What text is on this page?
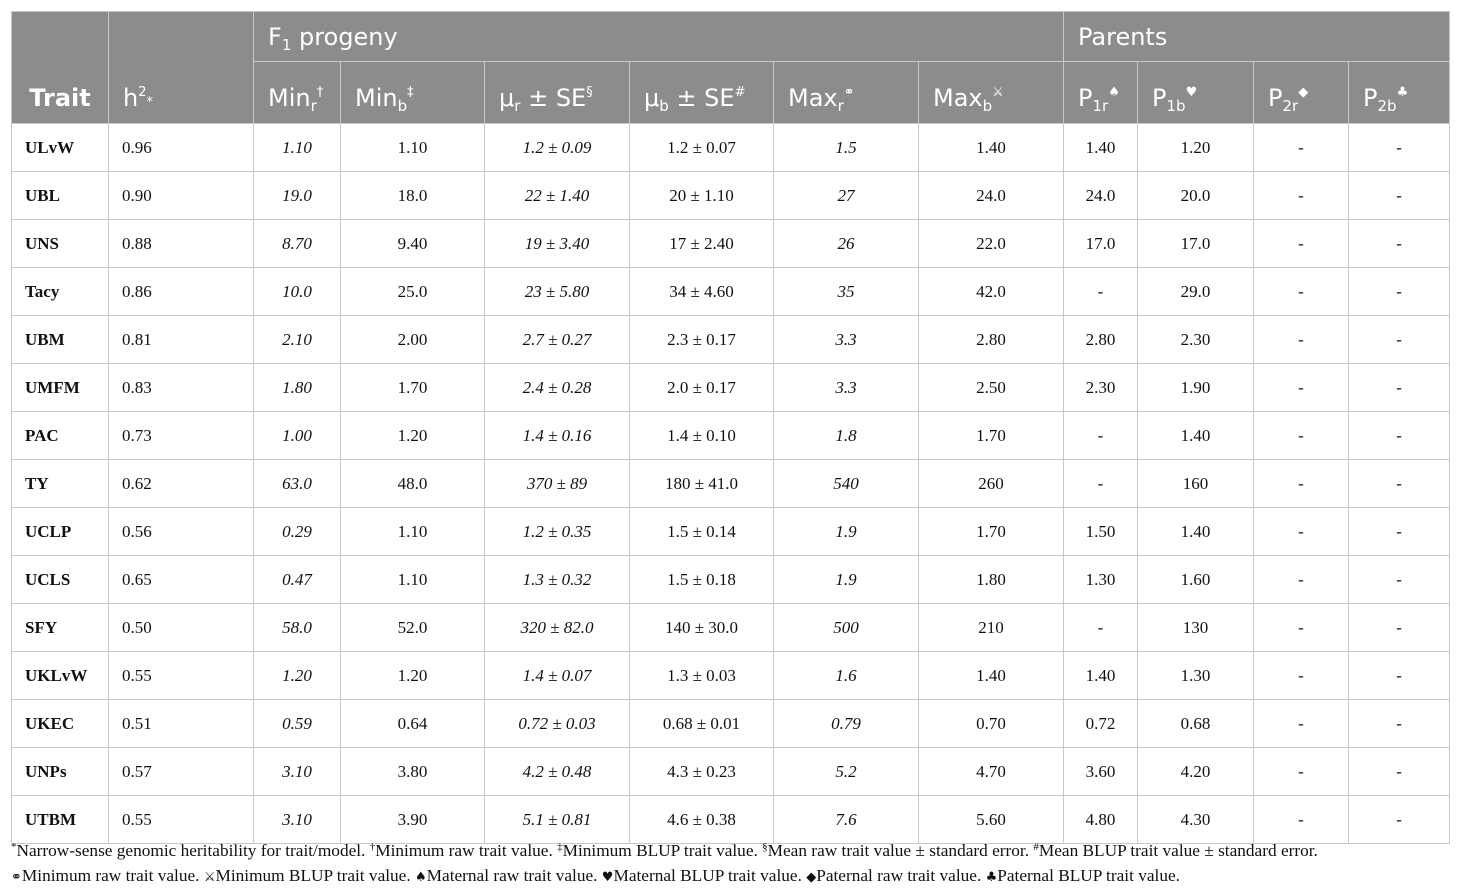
Trait	$h^2*$	$F_1$ progeny						Parents			
		Min$_r$†	Min$_b$‡	$\mu_r \pm SE^\S$	$\mu_b \pm SE^{\#}$	Max$_r$⚭	Max$_b$⚔	$P_{1r}^♠$	$P_{1b}^♥$	$P_{2r}^◆$	$P_{2b}^♣$
ULvW	0.96	1.10	1.10	1.2 ± 0.09	1.2 ± 0.07	1.5	1.40	1.40	1.20	-	-
UBL	0.90	19.0	18.0	22 ± 1.40	20 ± 1.10	27	24.0	24.0	20.0	-	-
UNS	0.88	8.70	9.40	19 ± 3.40	17 ± 2.40	26	22.0	17.0	17.0	-	-
Tacy	0.86	10.0	25.0	23 ± 5.80	34 ± 4.60	35	42.0	-	29.0	-	-
UBM	0.81	2.10	2.00	2.7 ± 0.27	2.3 ± 0.17	3.3	2.80	2.80	2.30	-	-
UMFM	0.83	1.80	1.70	2.4 ± 0.28	2.0 ± 0.17	3.3	2.50	2.30	1.90	-	-
PAC	0.73	1.00	1.20	1.4 ± 0.16	1.4 ± 0.10	1.8	1.70	-	1.40	-	-
TY	0.62	63.0	48.0	370 ± 89	180 ± 41.0	540	260	-	160	-	-
UCLP	0.56	0.29	1.10	1.2 ± 0.35	1.5 ± 0.14	1.9	1.70	1.50	1.40	-	-
UCLS	0.65	0.47	1.10	1.3 ± 0.32	1.5 ± 0.18	1.9	1.80	1.30	1.60	-	-
SFY	0.50	58.0	52.0	320 ± 82.0	140 ± 30.0	500	210	-	130	-	-
UKLvW	0.55	1.20	1.20	1.4 ± 0.07	1.3 ± 0.03	1.6	1.40	1.40	1.30	-	-
UKEC	0.51	0.59	0.64	0.72 ± 0.03	0.68 ± 0.01	0.79	0.70	0.72	0.68	-	-
UNPs	0.57	3.10	3.80	4.2 ± 0.48	4.3 ± 0.23	5.2	4.70	3.60	4.20	-	-
UTBM	0.55	3.10	3.90	5.1 ± 0.81	4.6 ± 0.38	7.6	5.60	4.80	4.30	-	-
*Narrow-sense genomic heritability for trait/model. †Minimum raw trait value. ‡Minimum BLUP trait value. §Mean raw trait value ± standard error. #Mean BLUP trait value ± standard error.
⚭Minimum raw trait value. ⚔Minimum BLUP trait value. ♠Maternal raw trait value. ♥Maternal BLUP trait value. ◆Paternal raw trait value. ♣Paternal BLUP trait value.
